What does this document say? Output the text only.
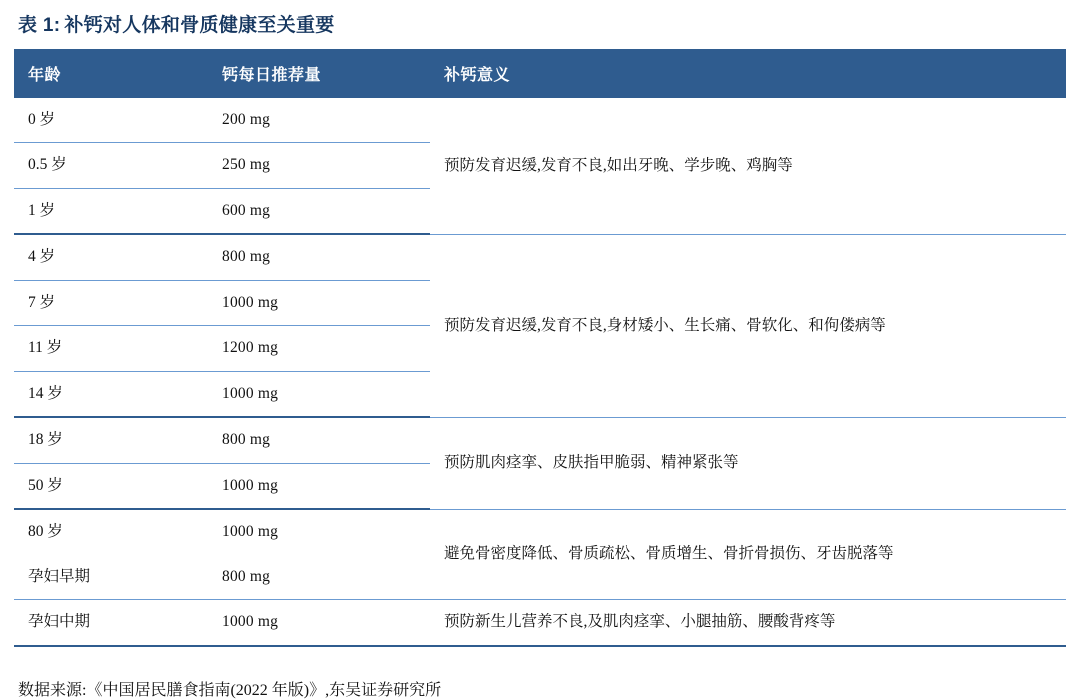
表 1: 补钙对人体和骨质健康至关重要
年龄	钙每日推荐量	补钙意义
0 岁	200 mg	预防发育迟缓,发育不良,如出牙晚、学步晚、鸡胸等
0.5 岁	250 mg	
1 岁	600 mg	
4 岁	800 mg	预防发育迟缓,发育不良,身材矮小、生长痛、骨软化、和佝偻病等
7 岁	1000 mg	
11 岁	1200 mg	
14 岁	1000 mg	
18 岁	800 mg	预防肌肉痉挛、皮肤指甲脆弱、精神紧张等
50 岁	1000 mg	
80 岁	1000 mg	避免骨密度降低、骨质疏松、骨质增生、骨折骨损伤、牙齿脱落等
孕妇早期	800 mg	
孕妇中期	1000 mg	预防新生儿营养不良,及肌肉痉挛、小腿抽筋、腰酸背疼等
数据来源:《中国居民膳食指南(2022 年版)》,东吴证券研究所
